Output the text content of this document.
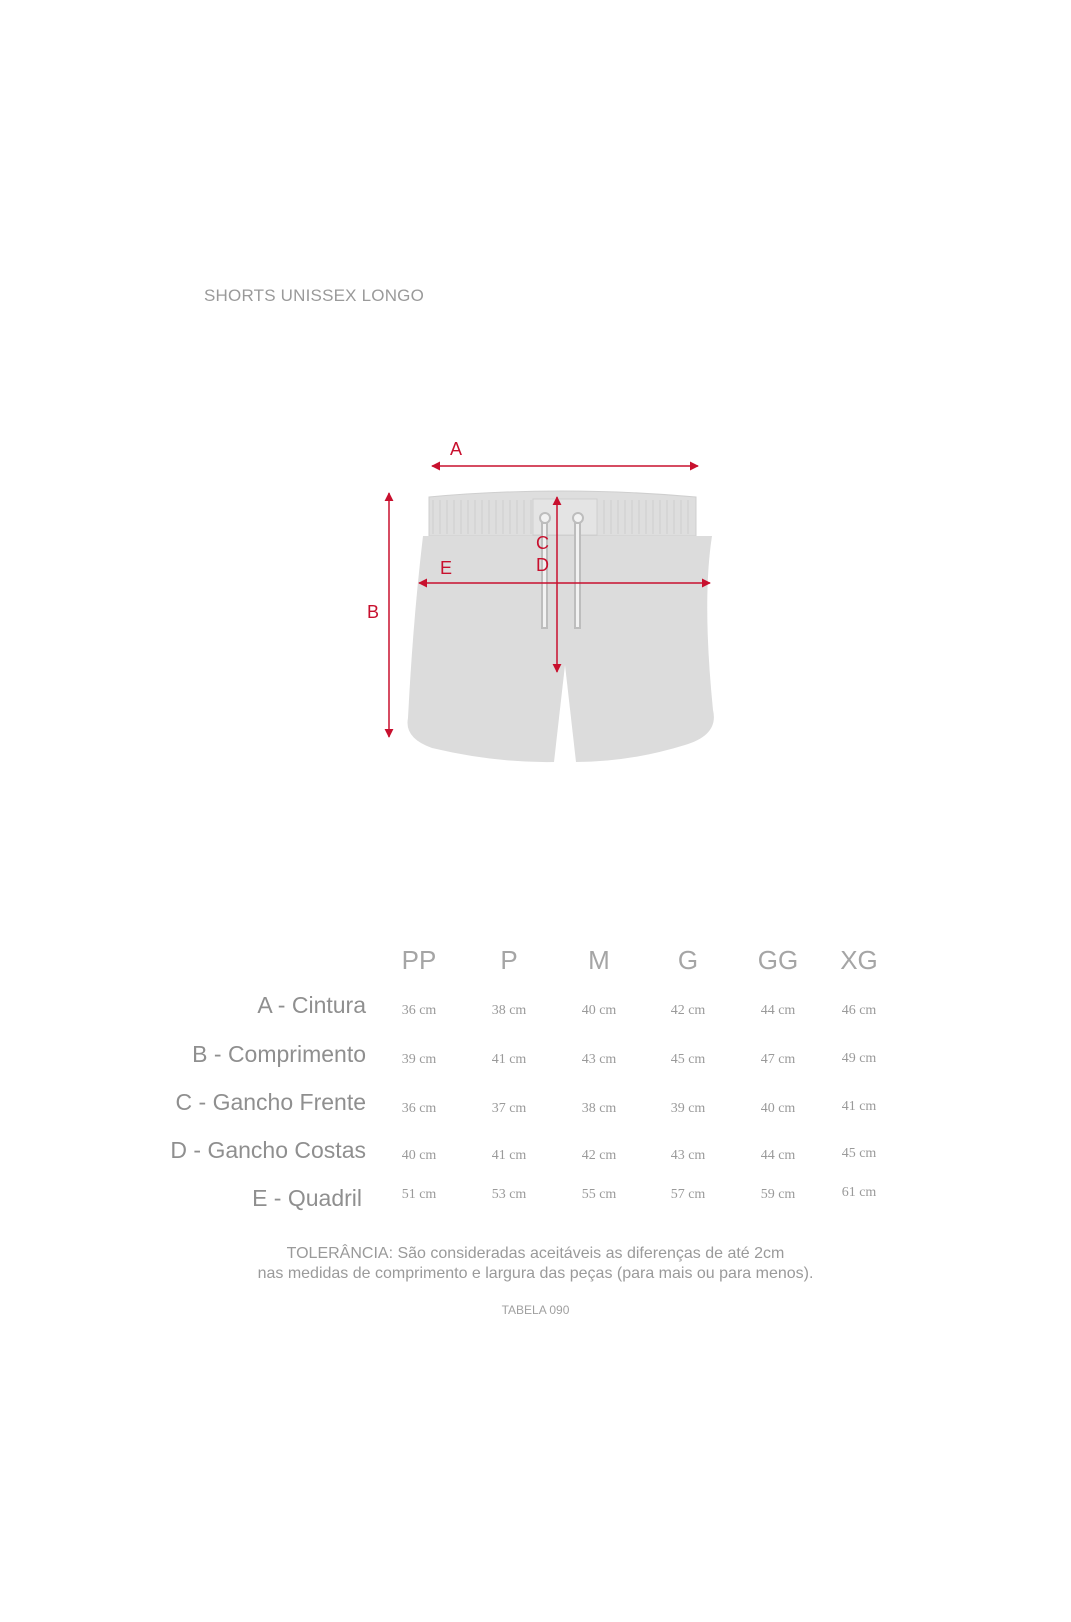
SHORTS UNISSEX LONGO
A
B
C
D
E
PP	P	M	G	GG	XG
A - Cintura	36 cm	38 cm	40 cm	42 cm	44 cm	46 cm
B - Comprimento	39 cm	41 cm	43 cm	45 cm	47 cm	49 cm
C - Gancho Frente	36 cm	37 cm	38 cm	39 cm	40 cm	41 cm
D - Gancho Costas	40 cm	41 cm	42 cm	43 cm	44 cm	45 cm
E - Quadril	51 cm	53 cm	55 cm	57 cm	59 cm	61 cm
TOLERÂNCIA: São consideradas aceitáveis as diferenças de até 2cm
nas medidas de comprimento e largura das peças (para mais ou para menos).
TABELA 090
